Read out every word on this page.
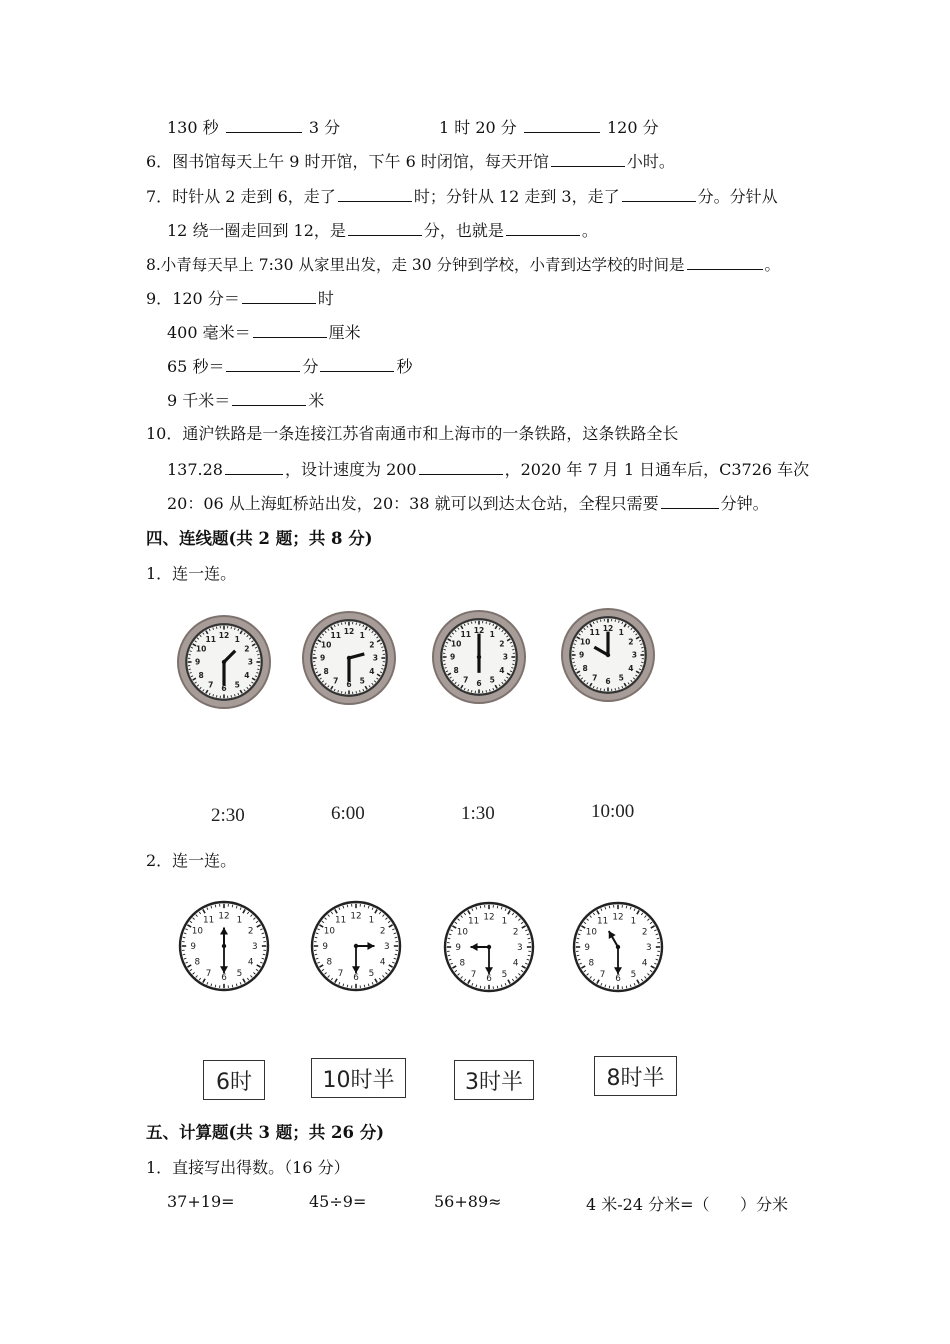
130 秒	3 分	1 时 20 分	120 分
6．图书馆每天上午 9 时开馆，下午 6 时闭馆，每天开馆	小时。
7．时针从 2 走到 6，走了	时；分针从 12 走到 3，走了	分。分针从
12 绕一圈走回到 12，是	分，也就是	。
8.小青每天早上 7:30 从家里出发，走 30 分钟到学校，小青到达学校的时间是	。
9．120 分＝	时
400 毫米＝	厘米
65 秒＝	分	秒
9 千米＝	米
10．通沪铁路是一条连接江苏省南通市和上海市的一条铁路，这条铁路全长
137.28	，设计速度为 200	，2020 年 7 月 1 日通车后，C3726 车次
20：06 从上海虹桥站出发，20：38 就可以到达太仓站，全程只需要	分钟。
四、连线题(共 2 题；共 8 分)
1．连一连。
12 1
2
3
4
5
6
7
8
9
10
11
12 1
2
3
4
5
6
7
8
9
10
11
12 1
2
3
4
5
6
7
8
9
10
11
12 1
2
3
4
5
6
7
8
9
10
11
2:30	6:00	1:30	10:00
2．连一连。
12 1
2
3
4
5
6
7
8
9
10
11	12 1
2
3
4
5
6
7
8
9
10
11	12 1
2
3
4
5
6
7
8
9
10
11	12 1
2
3
4
5
6
7
8
9
10
11
6时	10时半	3时半	8时半
五、计算题(共 3 题；共 26 分)
1．直接写出得数。（16 分）
37+19=	45÷9=	56+89≈	4 米-24 分米=（      ）分米
